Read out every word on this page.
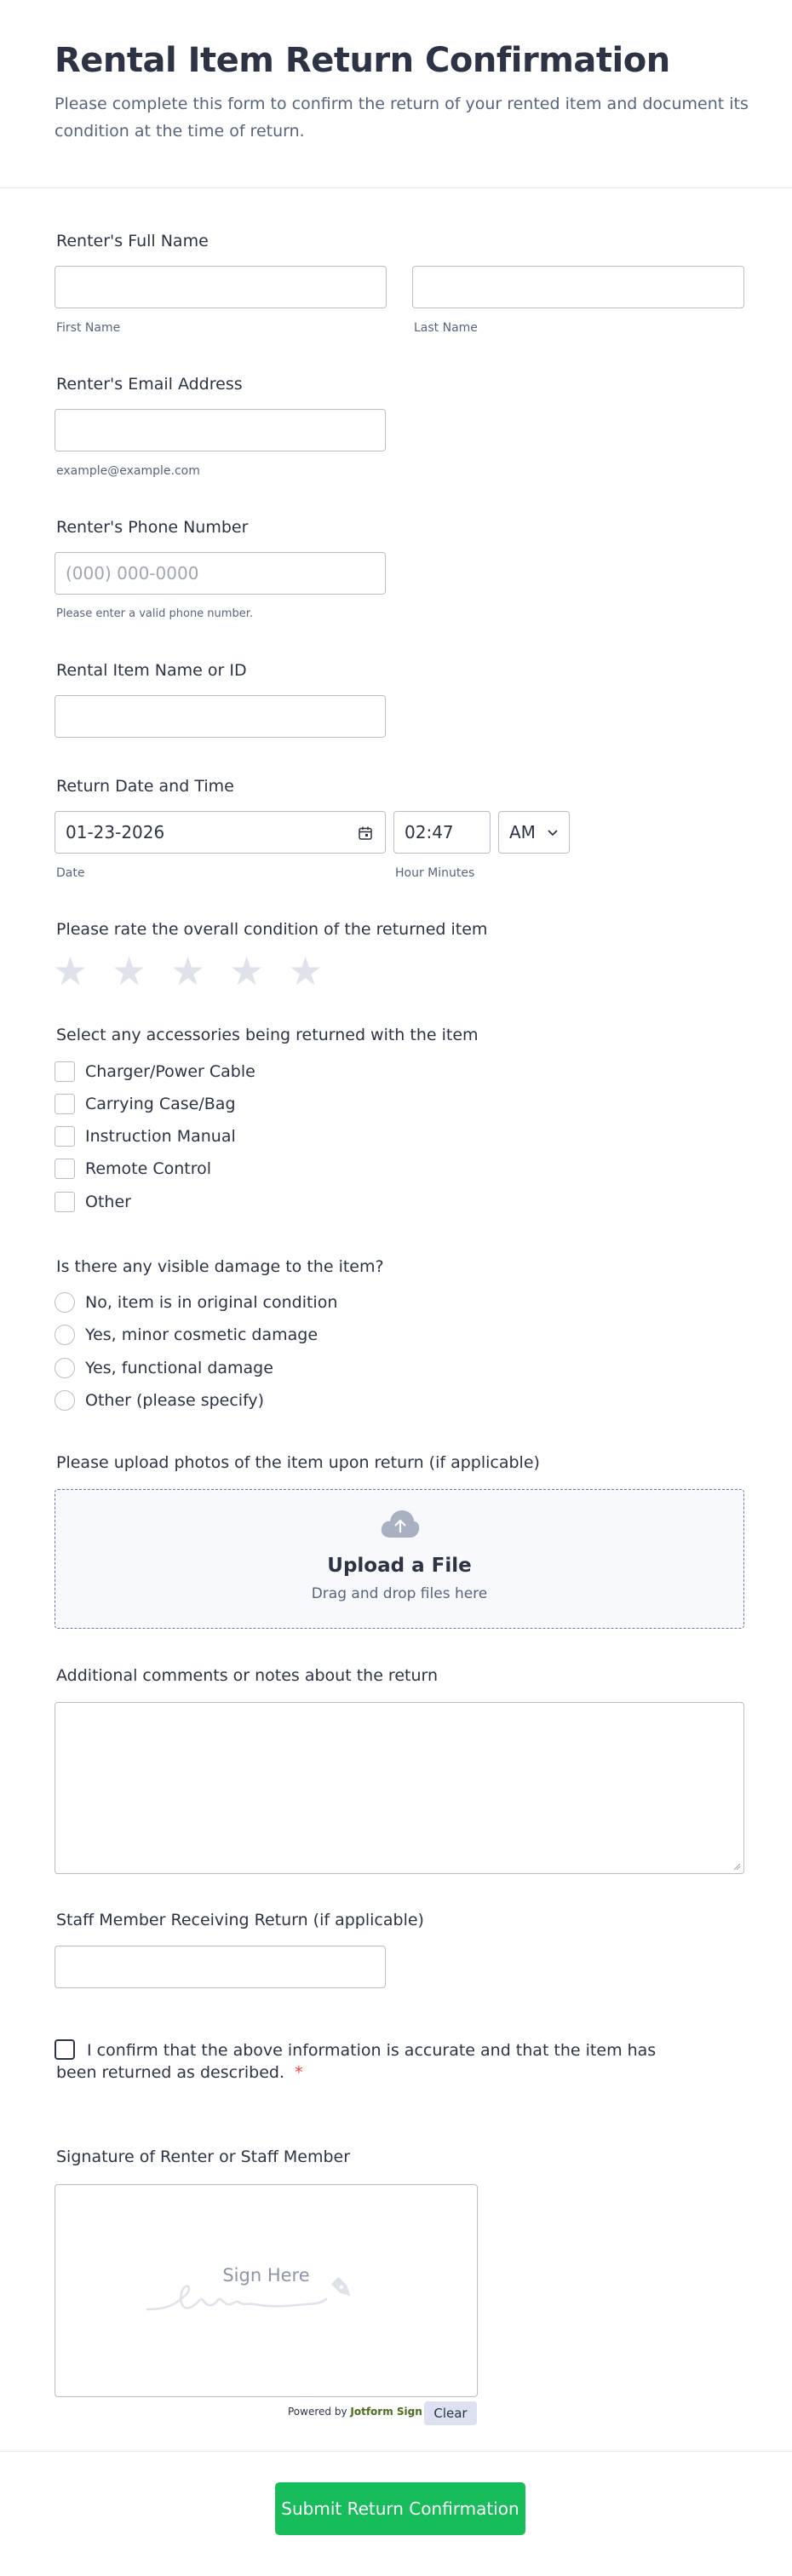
Rental Item Return Confirmation
Please complete this form to confirm the return of your rented item and document its condition at the time of return.
Renter's Full Name
First Name	Last Name
Renter's Email Address
example@example.com
Renter's Phone Number
(000) 000-0000
Please enter a valid phone number.
Rental Item Name or ID
Return Date and Time
01-23-2026	02:47	AM
Date	Hour Minutes
Please rate the overall condition of the returned item
★ ★ ★ ★ ★
Select any accessories being returned with the item
Charger/Power Cable
Carrying Case/Bag
Instruction Manual
Remote Control
Other
Is there any visible damage to the item?
No, item is in original condition
Yes, minor cosmetic damage
Yes, functional damage
Other (please specify)
Please upload photos of the item upon return (if applicable)
Upload a File
Drag and drop files here
Additional comments or notes about the return
Staff Member Receiving Return (if applicable)
I confirm that the above information is accurate and that the item has been returned as described. *
Signature of Renter or Staff Member
Sign Here
Powered by Jotform Sign Clear
Submit Return Confirmation
